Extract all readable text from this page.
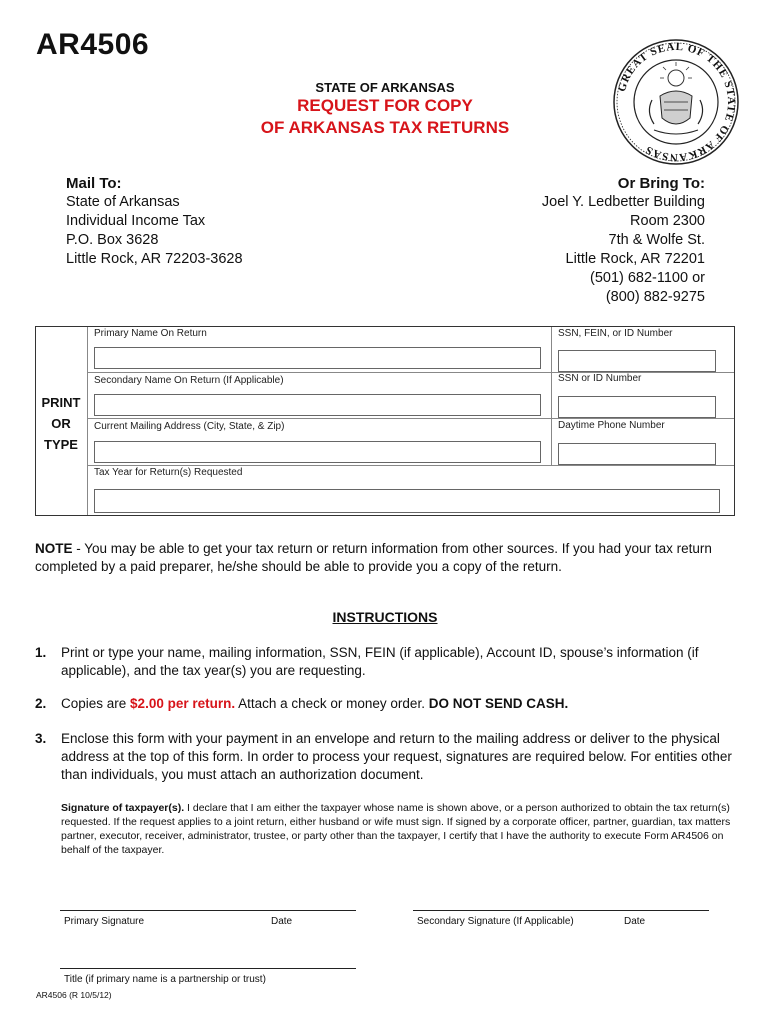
AR4506
STATE OF ARKANSAS
REQUEST FOR COPY
OF ARKANSAS TAX RETURNS
GREAT SEAL OF THE STATE OF ARKANSAS
Mail To:
State of Arkansas
Individual Income Tax
P.O. Box 3628
Little Rock, AR 72203-3628
Or Bring To:
Joel Y. Ledbetter Building
Room 2300
7th & Wolfe St.
Little Rock, AR 72201
(501) 682-1100 or
(800) 882-9275
PRINT
OR
TYPE
Primary Name On Return	SSN, FEIN, or ID Number
Secondary Name On Return (If Applicable)	SSN or ID Number
Current Mailing Address (City, State, & Zip)	Daytime Phone Number
Tax Year for Return(s) Requested
NOTE - You may be able to get your tax return or return information from other sources. If you had your tax return completed by a paid preparer, he/she should be able to provide you a copy of the return.
INSTRUCTIONS
1. Print or type your name, mailing information, SSN, FEIN (if applicable), Account ID, spouse’s information (if applicable), and the tax year(s) you are requesting.
2. Copies are $2.00 per return. Attach a check or money order. DO NOT SEND CASH.
3. Enclose this form with your payment in an envelope and return to the mailing address or deliver to the physical address at the top of this form. In order to process your request, signatures are required below. For entities other than individuals, you must attach an authorization document.
Signature of taxpayer(s). I declare that I am either the taxpayer whose name is shown above, or a person authorized to obtain the tax return(s) requested. If the request applies to a joint return, either husband or wife must sign. If signed by a corporate officer, partner, guardian, tax matters partner, executor, receiver, administrator, trustee, or party other than the taxpayer, I certify that I have the authority to execute Form AR4506 on behalf of the taxpayer.
Primary Signature	Date	Secondary Signature (If Applicable)	Date
Title (if primary name is a partnership or trust)
AR4506 (R 10/5/12)
